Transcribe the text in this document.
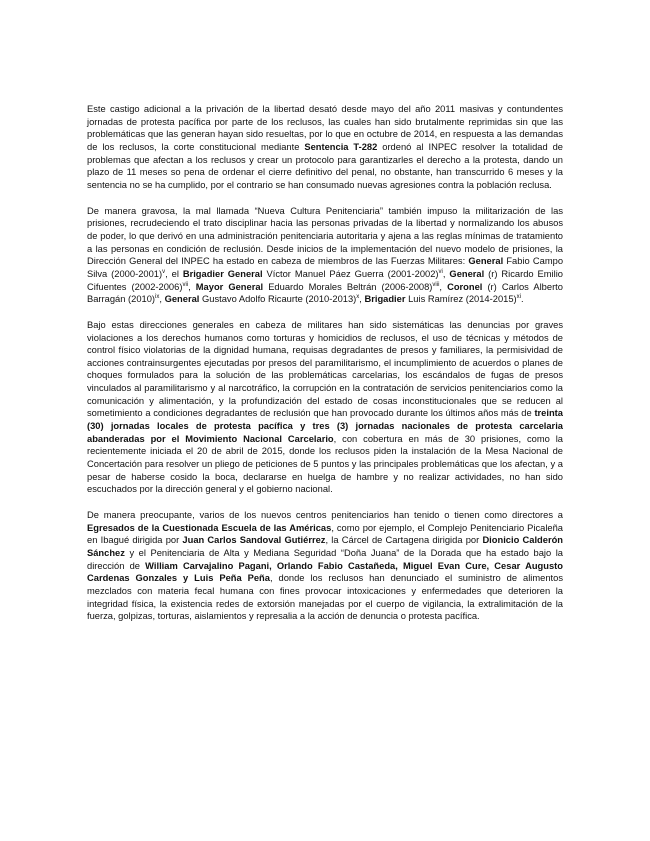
Este castigo adicional a la privación de la libertad desató desde mayo del año 2011 masivas y contundentes jornadas de protesta pacífica por parte de los reclusos, las cuales han sido brutalmente reprimidas sin que las problemáticas que las generan hayan sido resueltas, por lo que en octubre de 2014, en respuesta a las demandas de los reclusos, la corte constitucional mediante Sentencia T-282 ordenó al INPEC resolver la totalidad de problemas que afectan a los reclusos y crear un protocolo para garantizarles el derecho a la protesta, dando un plazo de 11 meses so pena de ordenar el cierre definitivo del penal, no obstante, han transcurrido 6 meses y la sentencia no se ha cumplido, por el contrario se han consumado nuevas agresiones contra la población reclusa.

De manera gravosa, la mal llamada “Nueva Cultura Penitenciaria” también impuso la militarización de las prisiones, recrudeciendo el trato disciplinar hacia las personas privadas de la libertad y normalizando los abusos de poder, lo que derivó en una administración penitenciaria autoritaria y ajena a las reglas mínimas de tratamiento a las personas en condición de reclusión. Desde inicios de la implementación del nuevo modelo de prisiones, la Dirección General del INPEC ha estado en cabeza de miembros de las Fuerzas Militares: General Fabio Campo Silva (2000-2001)$^v$, el Brigadier General Víctor Manuel Páez Guerra (2001-2002)$^{vi}$, General (r) Ricardo Emilio Cifuentes (2002-2006)$^{vii}$, Mayor General Eduardo Morales Beltrán (2006-2008)$^{viii}$, Coronel (r) Carlos Alberto Barragán $(2010)^{ix}$, General Gustavo Adolfo Ricaurte (2010-2013)$^x$, Brigadier Luis Ramírez (2014-2015)$^{xi}$.

Bajo estas direcciones generales en cabeza de militares han sido sistemáticas las denuncias por graves violaciones a los derechos humanos como torturas y homicidios de reclusos, el uso de técnicas y métodos de control físico violatorias de la dignidad humana, requisas degradantes de presos y familiares, la permisividad de acciones contrainsurgentes ejecutadas por presos del paramilitarismo, el incumplimiento de acuerdos o planes de choques formulados para la solución de las problemáticas carcelarias, los escándalos de fugas de presos vinculados al paramilitarismo y al narcotráfico, la corrupción en la contratación de servicios penitenciarios como la comunicación y alimentación, y la profundización del estado de cosas inconstitucionales que se reducen al sometimiento a condiciones degradantes de reclusión que han provocado durante los últimos años más de treinta (30) jornadas locales de protesta pacífica y tres (3) jornadas nacionales de protesta carcelaria abanderadas por el Movimiento Nacional Carcelario, con cobertura en más de 30 prisiones, como la recientemente iniciada el 20 de abril de 2015, donde los reclusos piden la instalación de la Mesa Nacional de Concertación para resolver un pliego de peticiones de 5 puntos y las principales problemáticas que los afectan, y a pesar de haberse cosido la boca, declararse en huelga de hambre y no realizar actividades, no han sido escuchados por la dirección general y el gobierno nacional.

De manera preocupante, varios de los nuevos centros penitenciarios han tenido o tienen como directores a Egresados de la Cuestionada Escuela de las Américas, como por ejemplo, el Complejo Penitenciario Picaleña en Ibagué dirigida por Juan Carlos Sandoval Gutiérrez, la Cárcel de Cartagena dirigida por Dionicio Calderón Sánchez y el Penitenciaria de Alta y Mediana Seguridad “Doña Juana” de la Dorada que ha estado bajo la dirección de William Carvajalino Pagani, Orlando Fabio Castañeda, Miguel Evan Cure, Cesar Augusto Cardenas Gonzales y Luis Peña Peña, donde los reclusos han denunciado el suministro de alimentos mezclados con materia fecal humana con fines provocar intoxicaciones y enfermedades que deterioren la integridad física, la existencia redes de extorsión manejadas por el cuerpo de vigilancia, la extralimitación de la fuerza, golpizas, torturas, aislamientos y represalia a la acción de denuncia o protesta pacífica.
